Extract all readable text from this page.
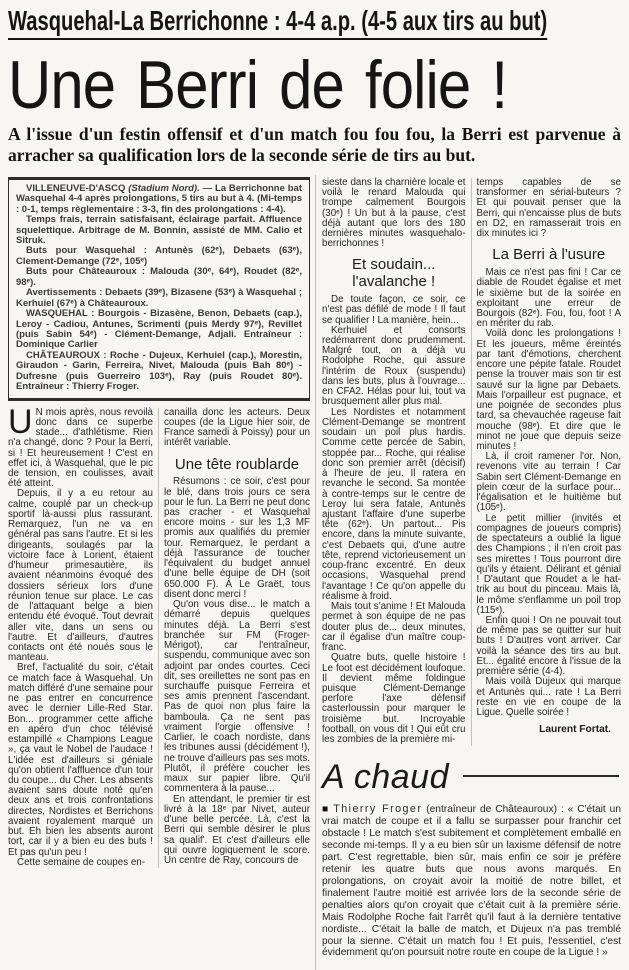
Wasquehal-La Berrichonne : 4-4 a.p. (4-5 aux tirs au but)
Une Berri de folie !

A l'issue d'un festin offensif et d'un match fou fou fou, la Berri est parvenue à arracher sa qualification lors de la seconde série de tirs au but.

VILLENEUVE-D'ASCQ (Stadium Nord). — La Berrichonne bat Wasquehal 4-4 après prolongations, 5 tirs au but à 4. (Mi-temps : 0-1, temps règlementaire : 3-3, fin des prolongations : 4-4).

Temps frais, terrain satisfaisant, éclairage parfait. Affluence squelettique. Arbitrage de M. Bonnin, assisté de MM. Calio et Sitruk.

Buts pour Wasquehal : Antunès (62ᵉ), Debaets (63ᵉ), Clement-Demange (72ᵉ, 105ᵉ)

Buts pour Châteauroux : Malouda (30ᵉ, 64ᵉ), Roudet (82ᵉ, 98ᵉ).

Avertissements : Debaets (39ᵉ), Bizasene (53ᵉ) à Wasquehal ; Kerhuiel (67ᵉ) à Châteauroux.

WASQUEHAL : Bourgois - Bizasène, Benon, Debaets (cap.), Leroy - Cadiou, Antunes, Scrimenti (puis Merdy 97ᵉ), Revillet (puis Sabin 54ᵉ) - Clément-Demange, Adjali. Entraîneur : Dominique Carlier

CHÂTEAUROUX : Roche - Dujeux, Kerhuiel (cap.), Morestin, Giraudon - Garin, Ferreira, Nivet, Malouda (puis Bah 80ᵉ) - Dufresne (puis Guerreiro 103ᵉ), Ray (puis Roudet 80ᵉ). Entraîneur : Thierry Froger.

U N mois après, nous revoilà donc dans ce superbe stade... d'athlétisme. Rien n'a changé, donc ? Pour la Berri, si ! Et heureusement ! C'est en effet ici, à Wasquehal, que le pic de tension, en coulisses, avait été atteint.

Depuis, il y a eu retour au calme, couplé par un check-up sportif là-aussi plus rassurant. Remarquez, l'un ne va en général pas sans l'autre. Et si les dirigeants, soulagés par la victoire face à Lorient, étaient d'humeur primesautière, ils avaient néanmoins évoqué des dossiers sérieux lors d'une réunion tenue sur place. Le cas de l'attaquant belge a bien entendu été évoqué. Tout devrait aller vite, dans un sens ou l'autre. Et d'ailleurs, d'autres contacts ont été noués sous le manteau.

Bref, l'actualité du soir, c'était ce match face à Wasquehal. Un match différé d'une semaine pour ne pas entrer en concurrence avec le dernier Lille-Red Star. Bon... programmer cette affiche en apéro d'un choc télévisé estampillé « Champions League », ça vaut le Nobel de l'audace ! L'idée est d'ailleurs si géniale qu'on obtient l'affluence d'un tour du coupe... du Cher. Les absents avaient sans doute noté qu'en deux ans et trois confrontations directes, Nordistes et Berrichons avaient royalement marqué un but. Eh bien les absents auront tort, car il y a bien eu des buts ! Et pas qu'un peu !

Cette semaine de coupes en-

canailla donc les acteurs. Deux coupes (de la Ligue hier soir, de France samedi à Poissy) pour un intérêt variable.

Une tête roublarde

Résumons : ce soir, c'est pour le blé, dans trois jours ce sera pour le fun. La Berri ne peut donc pas cracher - et Wasquehal encore moins - sur les 1,3 MF promis aux qualifiés du premier tour. Remarquez, le perdant a déjà l'assurance de toucher l'équivalent du budget annuel d'une belle équipe de DH (soit 650.000 F). À Le Graët, tous disent donc merci !

Qu'on vous dise... le match a démarré depuis quelques minutes déjà. La Berri s'est branchée sur FM (Froger-Mérigot), car l'entraîneur, suspendu, communique avec son adjoint par ondes courtes. Ceci dit, ses oreillettes ne sont pas en surchauffe puisque Ferreira et ses amis prennent l'ascendant. Pas de quoi non plus faire la bamboula. Ça ne sent pas vraiment l'orgie offensive ! Carlier, le coach nordiste, dans les tribunes aussi (décidément !), ne trouve d'ailleurs pas ses mots. Plutôt, il préfère coucher les maux sur papier libre. Qu'il commentera à la pause...

En attendant, le premier tir est livré à la 18ᵉ par Nivet, auteur d'une belle percée. Là, c'est la Berri qui semble désirer le plus sa qualif'. Et c'est d'ailleurs elle qui ouvre logiquement le score. Un centre de Ray, concours de

sieste dans la charnière locale et voilà le renard Malouda qui trompe calmement Bourgois (30ᵉ) ! Un but à la pause, c'est déjà autant que lors des 180 dernières minutes wasquehalo-berrichonnes !

Et soudain... l'avalanche !

De toute façon, ce soir, ce n'est pas défilé de mode ! Il faut se qualifier ! La manière, hein...

Kerhuiel et consorts redémarrent donc prudemment. Malgré tout, on a déjà vu Rodolphe Roche, qui assure l'intérim de Roux (suspendu) dans les buts, plus à l'ouvrage... en CFA2. Hélas pour lui, tout va brusquement aller plus mal.

Les Nordistes et notamment Clément-Demange se montrent soudain un poil plus hardis. Comme cette percée de Sabin, stoppée par... Roche, qui réalise donc son premier arrêt (décisif) à l'heure de jeu. Il ratera en revanche le second. Sa montée à contre-temps sur le centre de Leroy lui sera fatale, Antunès ajustant l'affaire d'une superbe tête (62ᵉ). Un partout... Pis encore, dans la minute suivante, c'est Debaets qui, d'une autre tête, reprend victorieusement un coup-franc excentré. En deux occasions, Wasquehal prend l'avantage ! Ce qu'on appelle du réalisme à froid.

Mais tout s'anime ! Et Malouda permet à son équipe de ne pas douter plus de... deux minutes, car il égalise d'un maître coup-franc.

Quatre buts, quelle histoire ! Le foot est décidément loufoque. Il devient même foldingue puisque Clément-Demange perfore l'axe défensif casterloussin pour marquer le troisième but. Incroyable football, on vous dit ! Qui eût cru les zombies de la première mi-

temps capables de se transformer en sérial-buteurs ? Et qui pouvait penser que la Berri, qui n'encaisse plus de buts en D2, en ramasserait trois en dix minutes ici ?

La Berri à l'usure

Mais ce n'est pas fini ! Car ce diable de Roudet égalise et met le sixième but de la soirée en exploitant une erreur de Bourgois (82ᵉ). Fou, fou, foot ! A en mériter du rab.

Voilà donc les prolongations ! Et les joueurs, même éreintés par tant d'émotions, cherchent encore une pépite fatale. Roudet pense la trouver mais son tir est sauvé sur la ligne par Debaets. Mais l'orpailleur est pugnace, et une poignée de secondes plus tard, sa chevauchée rageuse fait mouche (98ᵉ). Et dire que le minot ne joue que depuis seize minutes !

Là, il croit ramener l'or. Non, revenons vite au terrain ! Car Sabin sert Clément-Demange en plein cœur de la surface pour... l'égalisation et le huitième but (105ᵉ).

Le petit millier (invités et compagnes de joueurs compris) de spectateurs a oublié la ligue des Champions ; il n'en croit pas ses mirettes ! Tous pourront dire qu'ils y étaient. Délirant et génial ! D'autant que Roudet a le hat-trik au bout du pinceau. Mais là, le môme s'enflamme un poil trop (115ᵉ).

Enfin quoi ! On ne pouvait tout de même pas se quitter sur huit buts ! D'autres vont arriver. Car voilà la séance des tirs au but. Et... égalité encore à l'issue de la première série (4-4).

Mais voilà Dujeux qui marque et Antunès qui... rate ! La Berri reste en vie en coupe de la Ligue. Quelle soirée !

Laurent Fortat.

A chaud

■ Thierry Froger (entraîneur de Châteauroux) : « C'était un vrai match de coupe et il a fallu se surpasser pour franchir cet obstacle ! Le match s'est subitement et complètement emballé en seconde mi-temps. Il y a eu bien sûr un laxisme défensif de notre part. C'est regrettable, bien sûr, mais enfin ce soir je préfère retenir les quatre buts que nous avons marqués. En prolongations, on croyait avoir la moitié de notre billet, et finalement l'autre moitié est arrivée lors de la seconde série de penalties alors qu'on croyait que c'était cuit à la première série. Mais Rodolphe Roche fait l'arrêt qu'il faut à la dernière tentative nordiste... C'était la balle de match, et Dujeux n'a pas tremblé pour la sienne. C'était un match fou ! Et puis, l'essentiel, c'est évidemment qu'on poursuit notre route en coupe de la Ligue ! »
